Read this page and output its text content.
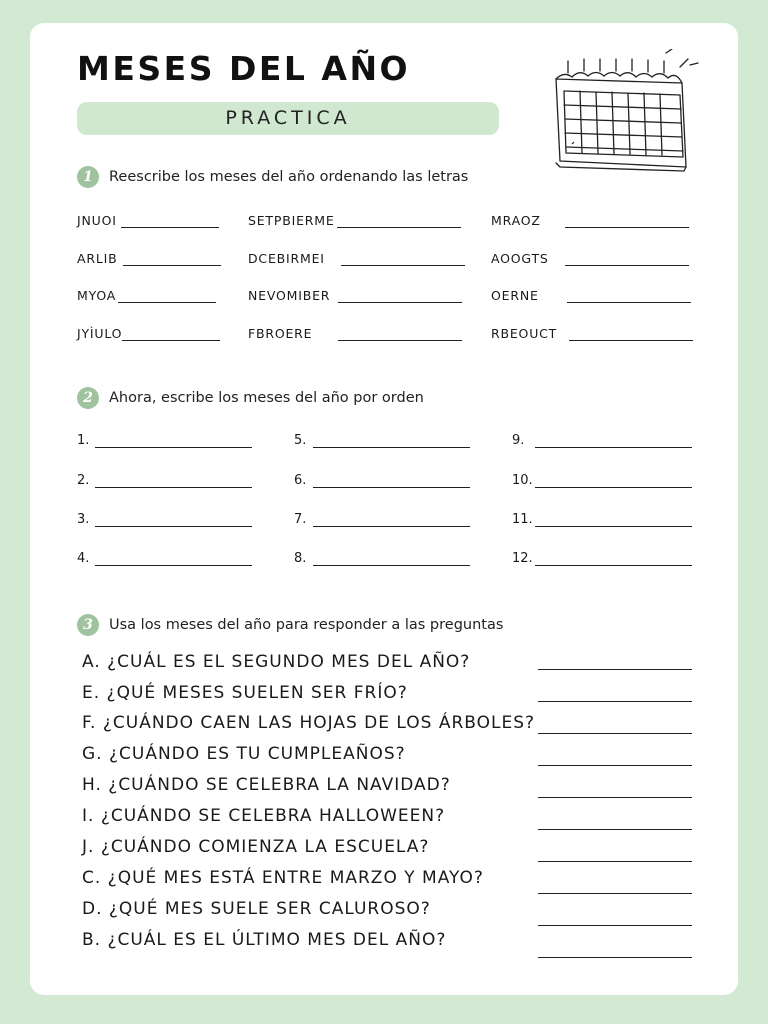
MESES DEL AÑO
PRACTICA
1	Reescribe los meses del año ordenando las letras
JNUOI	SETPBIERME	MRAOZ
ARLIB	DCEBIRMEI	AOOGTS
MYOA	NEVOMIBER	OERNE
JYÌULO	FBROERE	RBEOUCT
2	Ahora, escribe los meses del año por orden
1.
2.
3.
4.
5.
6.
7.
8.
9.
10.
11.
12.
3	Usa los meses del año para responder a las preguntas
A. ¿CUÁL ES EL SEGUNDO MES DEL AÑO?
E. ¿QUÉ MESES SUELEN SER FRÍO?
F. ¿CUÁNDO CAEN LAS HOJAS DE LOS ÁRBOLES?
G. ¿CUÁNDO ES TU CUMPLEAÑOS?
H. ¿CUÁNDO SE CELEBRA LA NAVIDAD?
I. ¿CUÁNDO SE CELEBRA HALLOWEEN?
J. ¿CUÁNDO COMIENZA LA ESCUELA?
C. ¿QUÉ MES ESTÁ ENTRE MARZO Y MAYO?
D. ¿QUÉ MES SUELE SER CALUROSO?
B. ¿CUÁL ES EL ÚLTIMO MES DEL AÑO?
